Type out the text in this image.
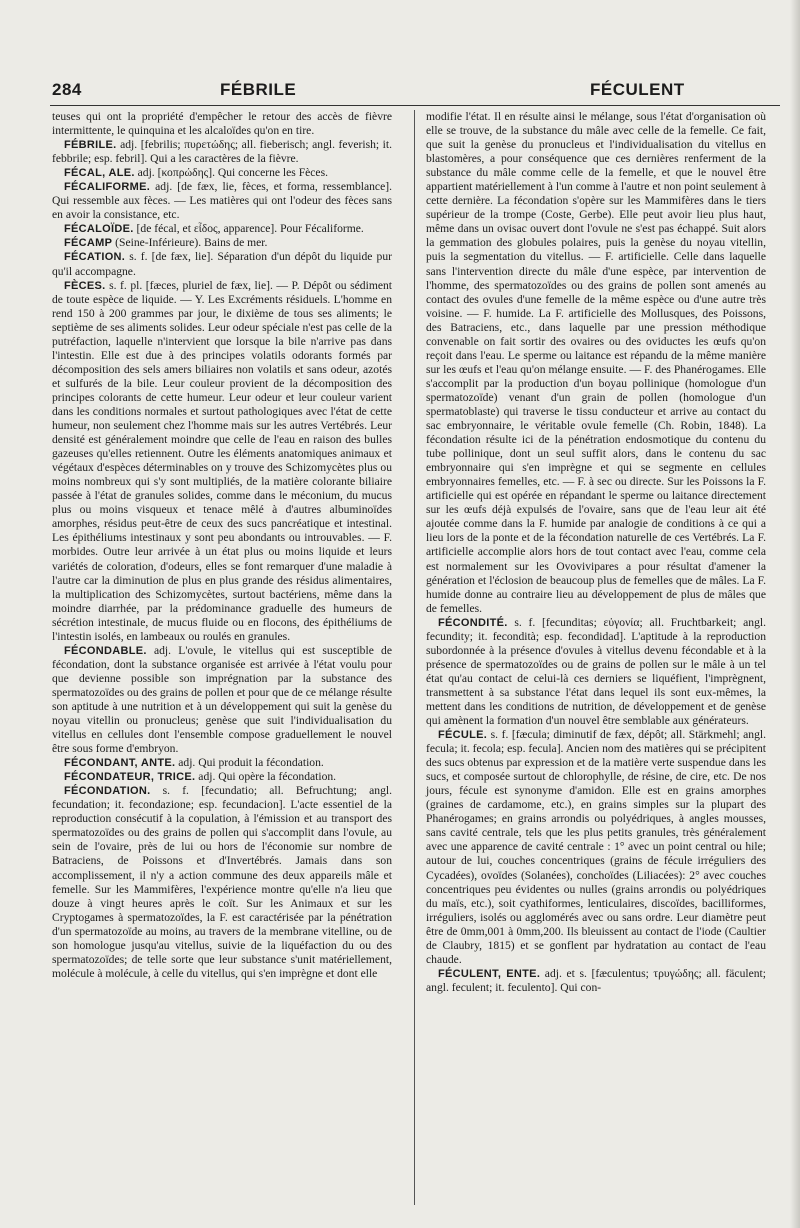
284	FÉBRILE	FÉCULENT

teuses qui ont la propriété d'empêcher le retour des accès de fièvre intermittente, le quinquina et les alcaloïdes qu'on en tire.

FÉBRILE. adj. [febrilis; πυρετώδης; all. fieberisch; angl. feverish; it. febbrile; esp. febril]. Qui a les caractères de la fièvre.

FÉCAL, ALE. adj. [κοπρώδης]. Qui concerne les Fèces.

FÉCALIFORME. adj. [de fæx, lie, fèces, et forma, ressemblance]. Qui ressemble aux fèces. — Les matières qui ont l'odeur des fèces sans en avoir la consistance, etc.

FÉCALOÏDE. [de fécal, et εἶδος, apparence]. Pour Fécaliforme.

FÉCAMP (Seine-Inférieure). Bains de mer.

FÉCATION. s. f. [de fæx, lie]. Séparation d'un dépôt du liquide pur qu'il accompagne.

FÈCES. s. f. pl. [fæces, pluriel de fæx, lie]. — P. Dépôt ou sédiment de toute espèce de liquide. — Y. Les Excréments résiduels. L'homme en rend 150 à 200 grammes par jour, le dixième de tous ses aliments; le septième de ses aliments solides. Leur odeur spéciale n'est pas celle de la putréfaction, laquelle n'intervient que lorsque la bile n'arrive pas dans l'intestin. Elle est due à des principes volatils odorants formés par décomposition des sels amers biliaires non volatils et sans odeur, azotés et sulfurés de la bile. Leur couleur provient de la décomposition des principes colorants de cette humeur. Leur odeur et leur couleur varient dans les conditions normales et surtout pathologiques avec l'état de cette humeur, non seulement chez l'homme mais sur les autres Vertébrés. Leur densité est généralement moindre que celle de l'eau en raison des bulles gazeuses qu'elles retiennent. Outre les éléments anatomiques animaux et végétaux d'espèces déterminables on y trouve des Schizomycètes plus ou moins nombreux qui s'y sont multipliés, de la matière colorante biliaire passée à l'état de granules solides, comme dans le méconium, du mucus plus ou moins visqueux et tenace mêlé à d'autres albuminoïdes amorphes, résidus peut-être de ceux des sucs pancréatique et intestinal. Les épithéliums intestinaux y sont peu abondants ou introuvables. — F. morbides. Outre leur arrivée à un état plus ou moins liquide et leurs variétés de coloration, d'odeurs, elles se font remarquer d'une maladie à l'autre car la diminution de plus en plus grande des résidus alimentaires, la multiplication des Schizomycètes, surtout bactériens, même dans la moindre diarrhée, par la prédominance graduelle des humeurs de sécrétion intestinale, de mucus fluide ou en flocons, des épithéliums de l'intestin isolés, en lambeaux ou roulés en granules.

FÉCONDABLE. adj. L'ovule, le vitellus qui est susceptible de fécondation, dont la substance organisée est arrivée à l'état voulu pour que devienne possible son imprégnation par la substance des spermatozoïdes ou des grains de pollen et pour que de ce mélange résulte son aptitude à une nutrition et à un développement qui suit la genèse du noyau vitellin ou pronucleus; genèse que suit l'individualisation du vitellus en cellules dont l'ensemble compose graduellement le nouvel être sous forme d'embryon.

FÉCONDANT, ANTE. adj. Qui produit la fécondation.

FÉCONDATEUR, TRICE. adj. Qui opère la fécondation.

FÉCONDATION. s. f. [fecundatio; all. Befruchtung; angl. fecundation; it. fecondazione; esp. fecundacion]. L'acte essentiel de la reproduction consécutif à la copulation, à l'émission et au transport des spermatozoïdes ou des grains de pollen qui s'accomplit dans l'ovule, au sein de l'ovaire, près de lui ou hors de l'économie sur nombre de Batraciens, de Poissons et d'Invertébrés. Jamais dans son accomplissement, il n'y a action commune des deux appareils mâle et femelle. Sur les Mammifères, l'expérience montre qu'elle n'a lieu que douze à vingt heures après le coït. Sur les Animaux et sur les Cryptogames à spermatozoïdes, la F. est caractérisée par la pénétration d'un spermatozoïde au moins, au travers de la membrane vitelline, ou de son homologue jusqu'au vitellus, suivie de la liquéfaction du ou des spermatozoïdes; de telle sorte que leur substance s'unit matériellement, molécule à molécule, à celle du vitellus, qui s'en imprègne et dont elle

modifie l'état. Il en résulte ainsi le mélange, sous l'état d'organisation où elle se trouve, de la substance du mâle avec celle de la femelle. Ce fait, que suit la genèse du pronucleus et l'individualisation du vitellus en blastomères, a pour conséquence que ces dernières renferment de la substance du mâle comme celle de la femelle, et que le nouvel être appartient matériellement à l'un comme à l'autre et non point seulement à cette dernière. La fécondation s'opère sur les Mammifères dans le tiers supérieur de la trompe (Coste, Gerbe). Elle peut avoir lieu plus haut, même dans un ovisac ouvert dont l'ovule ne s'est pas échappé. Suit alors la gemmation des globules polaires, puis la genèse du noyau vitellin, puis la segmentation du vitellus. — F. artificielle. Celle dans laquelle sans l'intervention directe du mâle d'une espèce, par intervention de l'homme, des spermatozoïdes ou des grains de pollen sont amenés au contact des ovules d'une femelle de la même espèce ou d'une autre très voisine. — F. humide. La F. artificielle des Mollusques, des Poissons, des Batraciens, etc., dans laquelle par une pression méthodique convenable on fait sortir des ovaires ou des oviductes les œufs qu'on reçoit dans l'eau. Le sperme ou laitance est répandu de la même manière sur les œufs et l'eau qu'on mélange ensuite. — F. des Phanérogames. Elle s'accomplit par la production d'un boyau pollinique (homologue d'un spermatozoïde) venant d'un grain de pollen (homologue d'un spermatoblaste) qui traverse le tissu conducteur et arrive au contact du sac embryonnaire, le véritable ovule femelle (Ch. Robin, 1848). La fécondation résulte ici de la pénétration endosmotique du contenu du tube pollinique, dont un seul suffit alors, dans le contenu du sac embryonnaire qui s'en imprègne et qui se segmente en cellules embryonnaires femelles, etc. — F. à sec ou directe. Sur les Poissons la F. artificielle qui est opérée en répandant le sperme ou laitance directement sur les œufs déjà expulsés de l'ovaire, sans que de l'eau leur ait été ajoutée comme dans la F. humide par analogie de conditions à ce qui a lieu lors de la ponte et de la fécondation naturelle de ces Vertébrés. La F. artificielle accomplie alors hors de tout contact avec l'eau, comme cela est normalement sur les Ovovivipares a pour résultat d'amener la génération et l'éclosion de beaucoup plus de femelles que de mâles. La F. humide donne au contraire lieu au développement de plus de mâles que de femelles.

FÉCONDITÉ. s. f. [fecunditas; εὐγονία; all. Fruchtbarkeit; angl. fecundity; it. fecondità; esp. fecondidad]. L'aptitude à la reproduction subordonnée à la présence d'ovules à vitellus devenu fécondable et à la présence de spermatozoïdes ou de grains de pollen sur le mâle à un tel état qu'au contact de celui-là ces derniers se liquéfient, l'imprègnent, transmettent à sa substance l'état dans lequel ils sont eux-mêmes, la mettent dans les conditions de nutrition, de développement et de genèse qui amènent la formation d'un nouvel être semblable aux générateurs.

FÉCULE. s. f. [fæcula; diminutif de fæx, dépôt; all. Stärkmehl; angl. fecula; it. fecola; esp. fecula]. Ancien nom des matières qui se précipitent des sucs obtenus par expression et de la matière verte suspendue dans les sucs, et composée surtout de chlorophylle, de résine, de cire, etc. De nos jours, fécule est synonyme d'amidon. Elle est en grains amorphes (graines de cardamome, etc.), en grains simples sur la plupart des Phanérogames; en grains arrondis ou polyédriques, à angles mousses, sans cavité centrale, tels que les plus petits granules, très généralement avec une apparence de cavité centrale : 1° avec un point central ou hile; autour de lui, couches concentriques (grains de fécule irréguliers des Cycadées), ovoïdes (Solanées), conchoïdes (Liliacées): 2° avec couches concentriques peu évidentes ou nulles (grains arrondis ou polyédriques du maïs, etc.), soit cyathiformes, lenticulaires, discoïdes, bacilliformes, irréguliers, isolés ou agglomérés avec ou sans ordre. Leur diamètre peut être de 0mm,001 à 0mm,200. Ils bleuissent au contact de l'iode (Caultier de Claubry, 1815) et se gonflent par hydratation au contact de l'eau chaude.

FÉCULENT, ENTE. adj. et s. [fæculentus; τρυγώδης; all. fäculent; angl. feculent; it. feculento]. Qui con-
